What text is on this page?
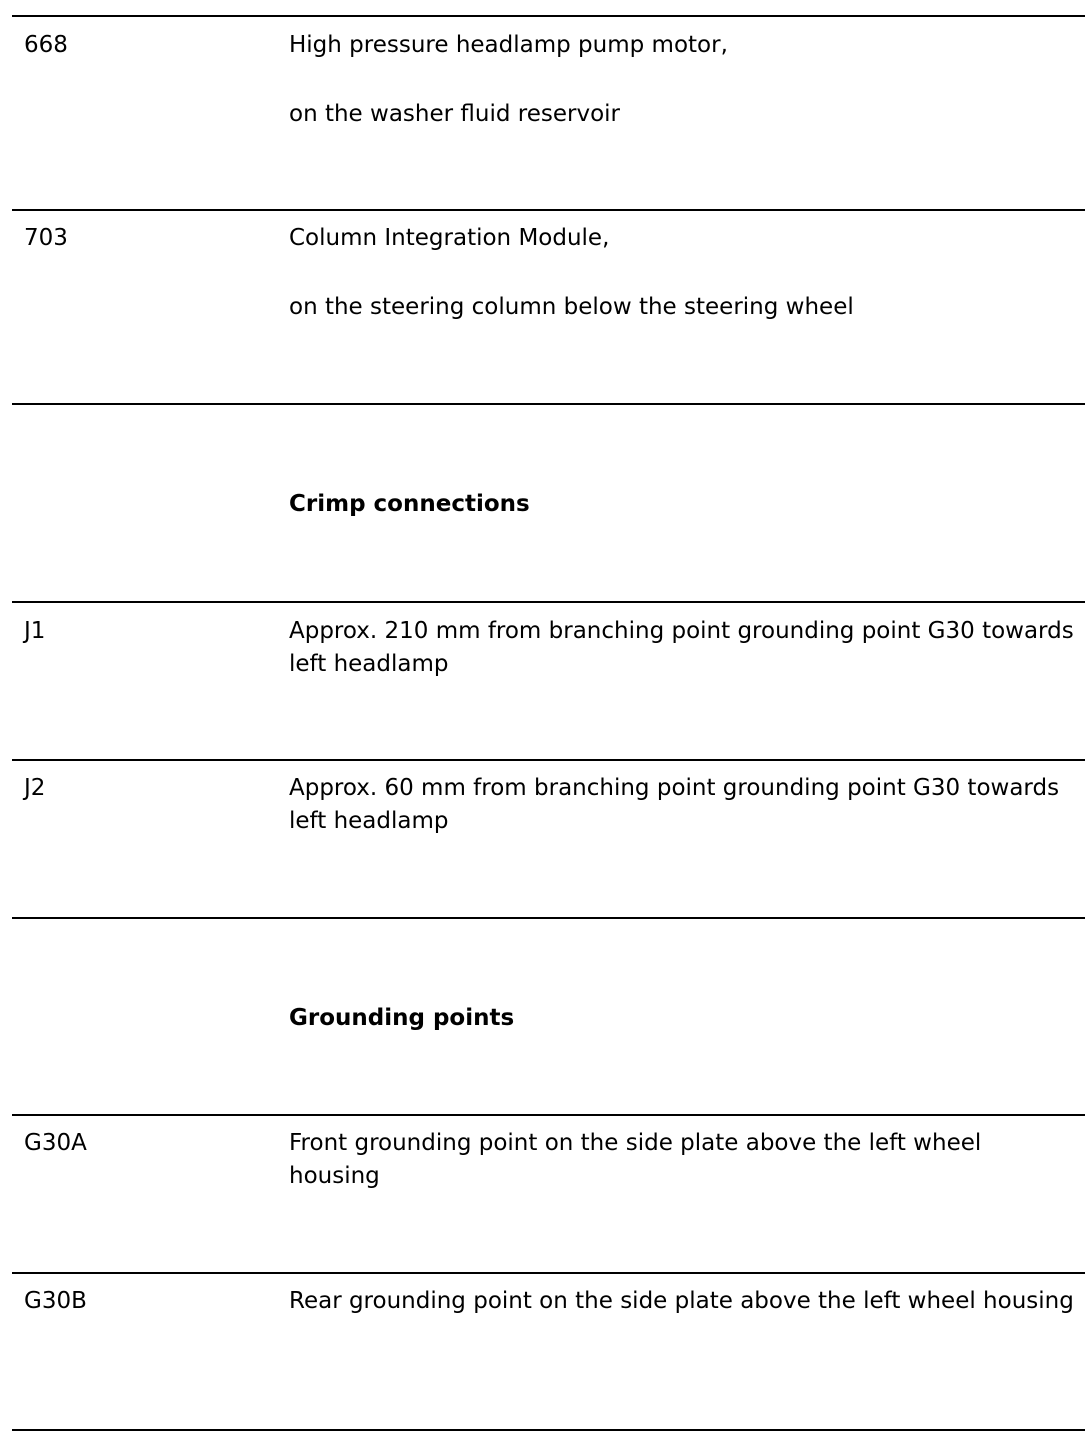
668	High pressure headlamp pump motor,

on the washer fluid reservoir

703	Column Integration Module,

on the steering column below the steering wheel

Crimp connections
J1	Approx. 210 mm from branching point grounding point G30 towards left headlamp
J2	Approx. 60 mm from branching point grounding point G30 towards left headlamp
Grounding points
G30A	Front grounding point on the side plate above the left wheel housing
G30B	Rear grounding point on the side plate above the left wheel housing
